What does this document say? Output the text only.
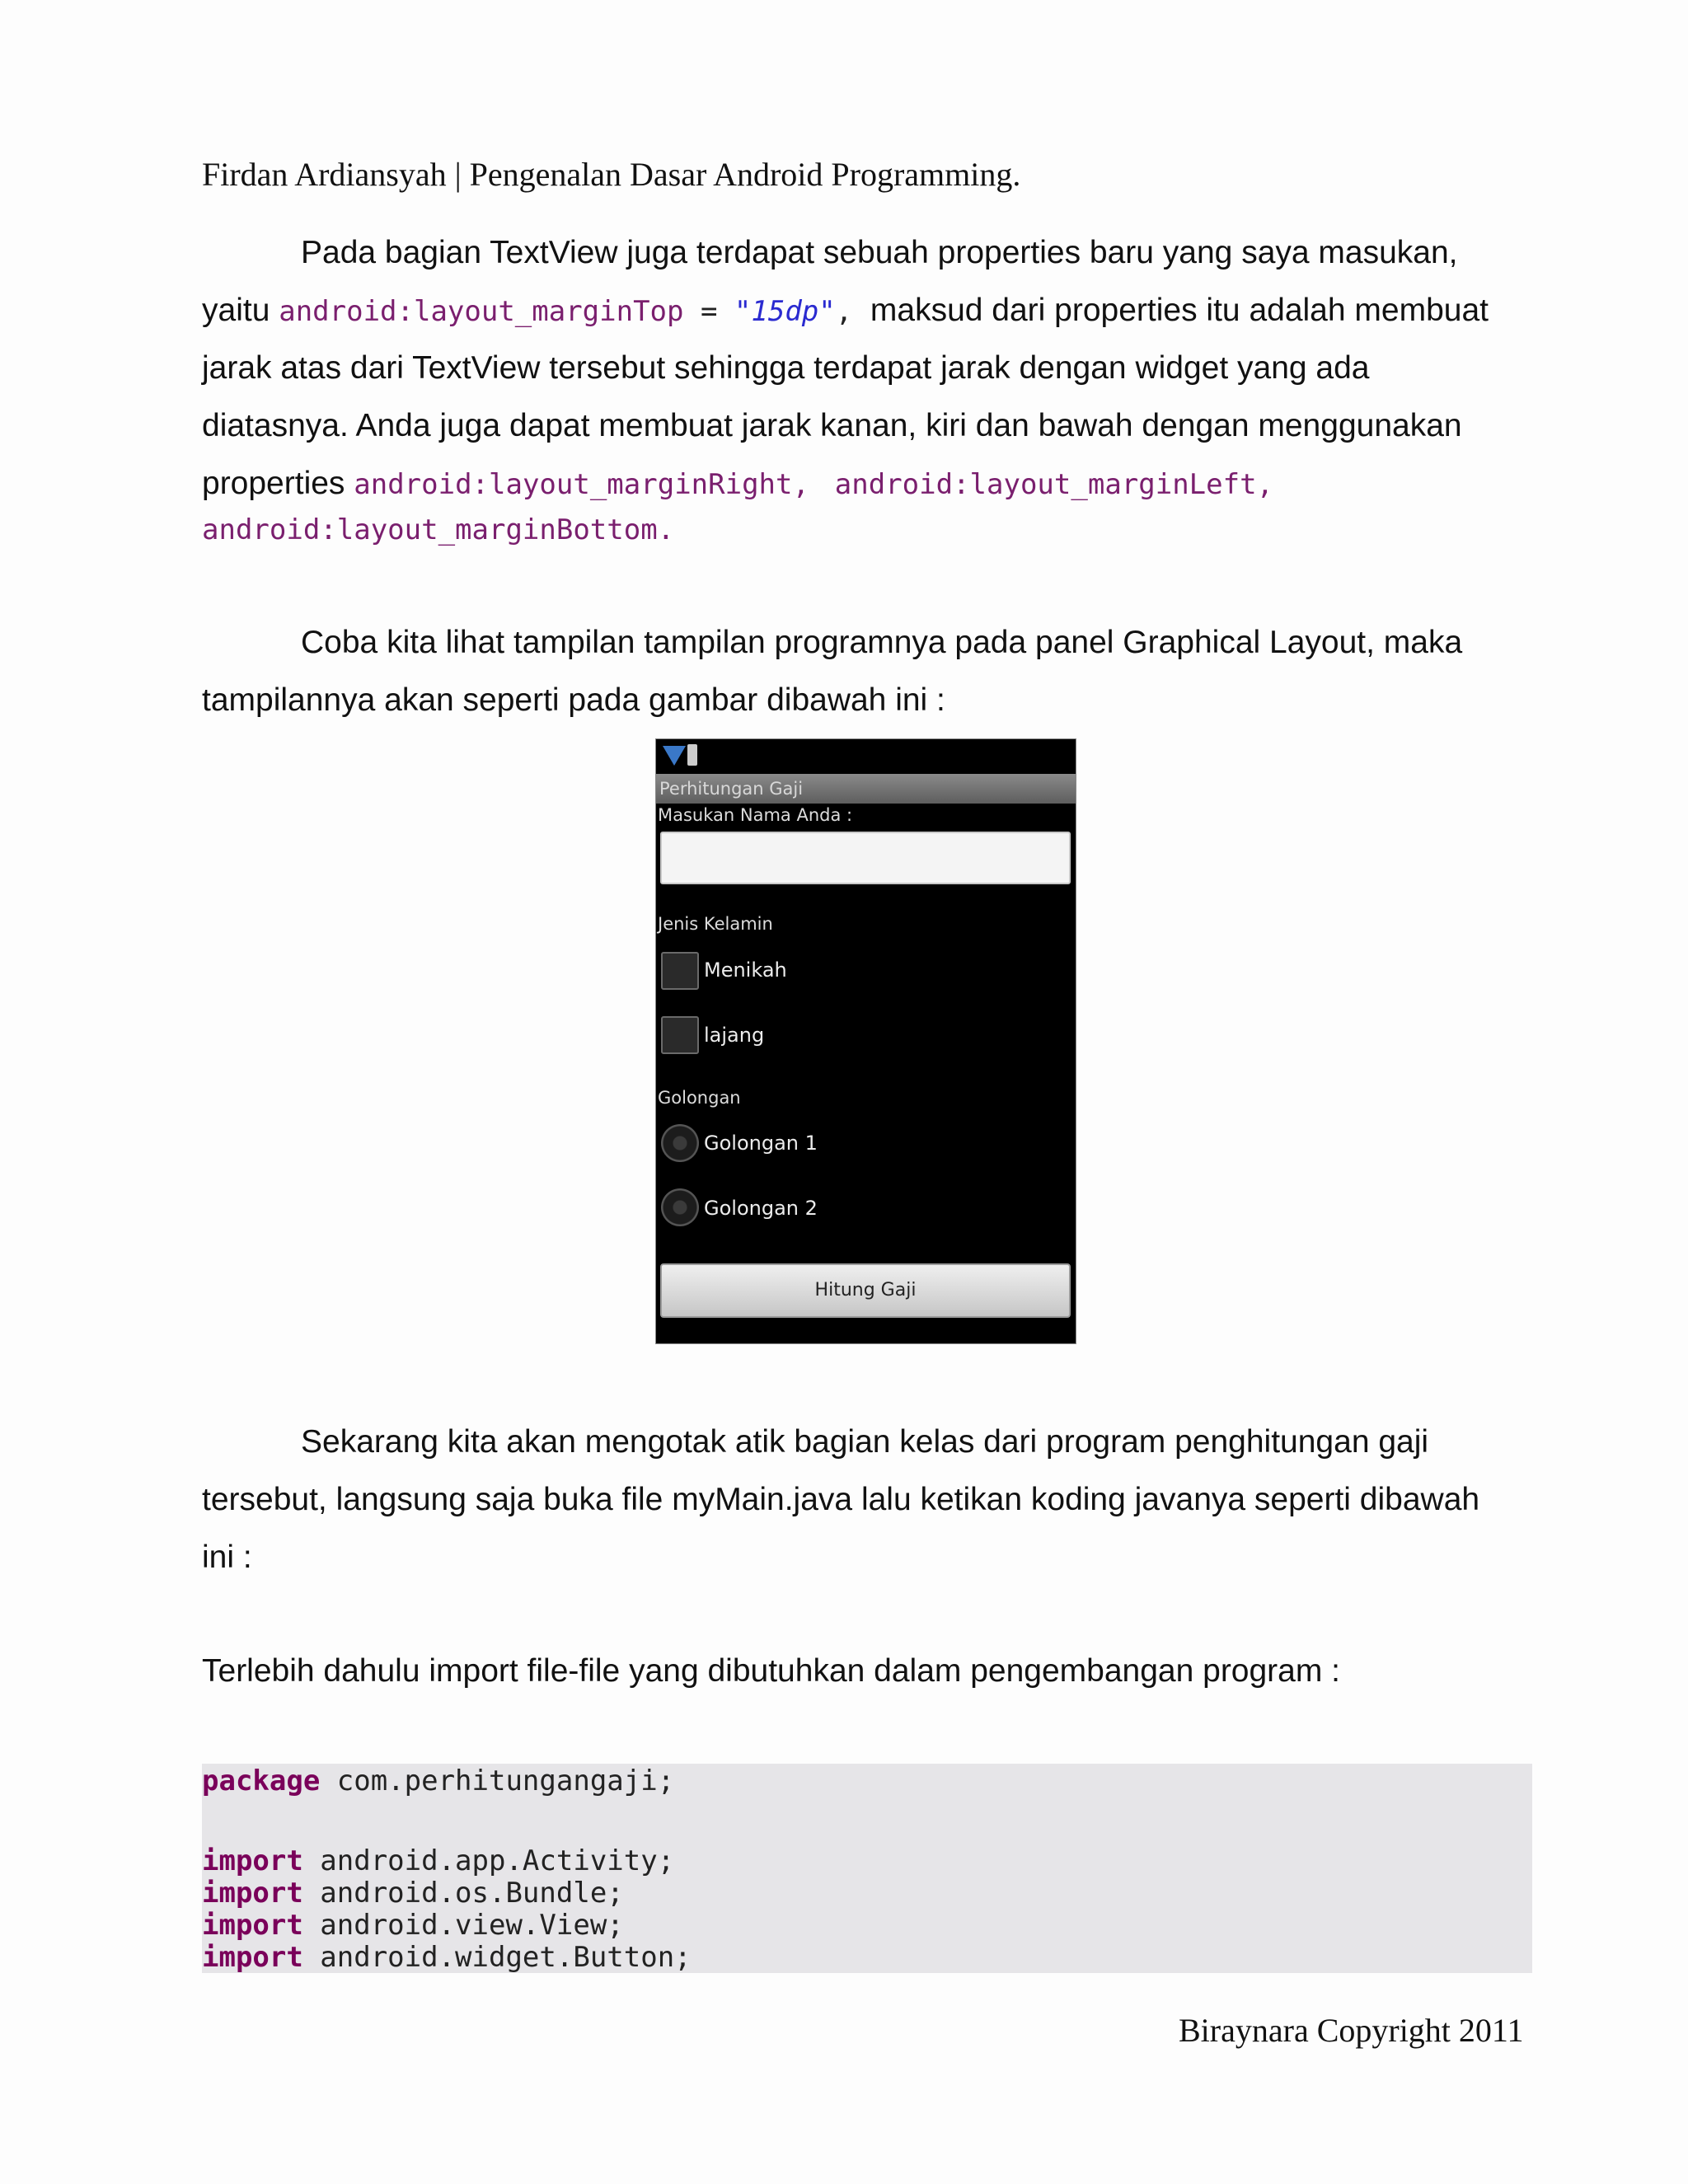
Firdan Ardiansyah | Pengenalan Dasar Android Programming.
Pada bagian TextView juga terdapat sebuah properties baru yang saya masukan,
yaitu android:layout_marginTop = "15dp",  maksud dari properties itu adalah membuat
jarak atas dari TextView tersebut sehingga terdapat jarak dengan widget yang ada
diatasnya. Anda juga dapat membuat jarak kanan, kiri dan bawah dengan menggunakan
properties android:layout_marginRight, android:layout_marginLeft,
android:layout_marginBottom.
Coba kita lihat tampilan tampilan programnya pada panel Graphical Layout, maka
tampilannya akan seperti pada gambar dibawah ini :
Perhitungan Gaji
Masukan Nama Anda :
Jenis Kelamin
Menikah
lajang
Golongan
Golongan 1
Golongan 2
Hitung Gaji
Sekarang kita akan mengotak atik bagian kelas dari program penghitungan gaji
tersebut, langsung saja buka file myMain.java lalu ketikan koding javanya seperti dibawah
ini :
Terlebih dahulu import file-file yang dibutuhkan dalam pengembangan program :
package com.perhitungangaji;
import android.app.Activity;
import android.os.Bundle;
import android.view.View;
import android.widget.Button;
Biraynara Copyright 2011
